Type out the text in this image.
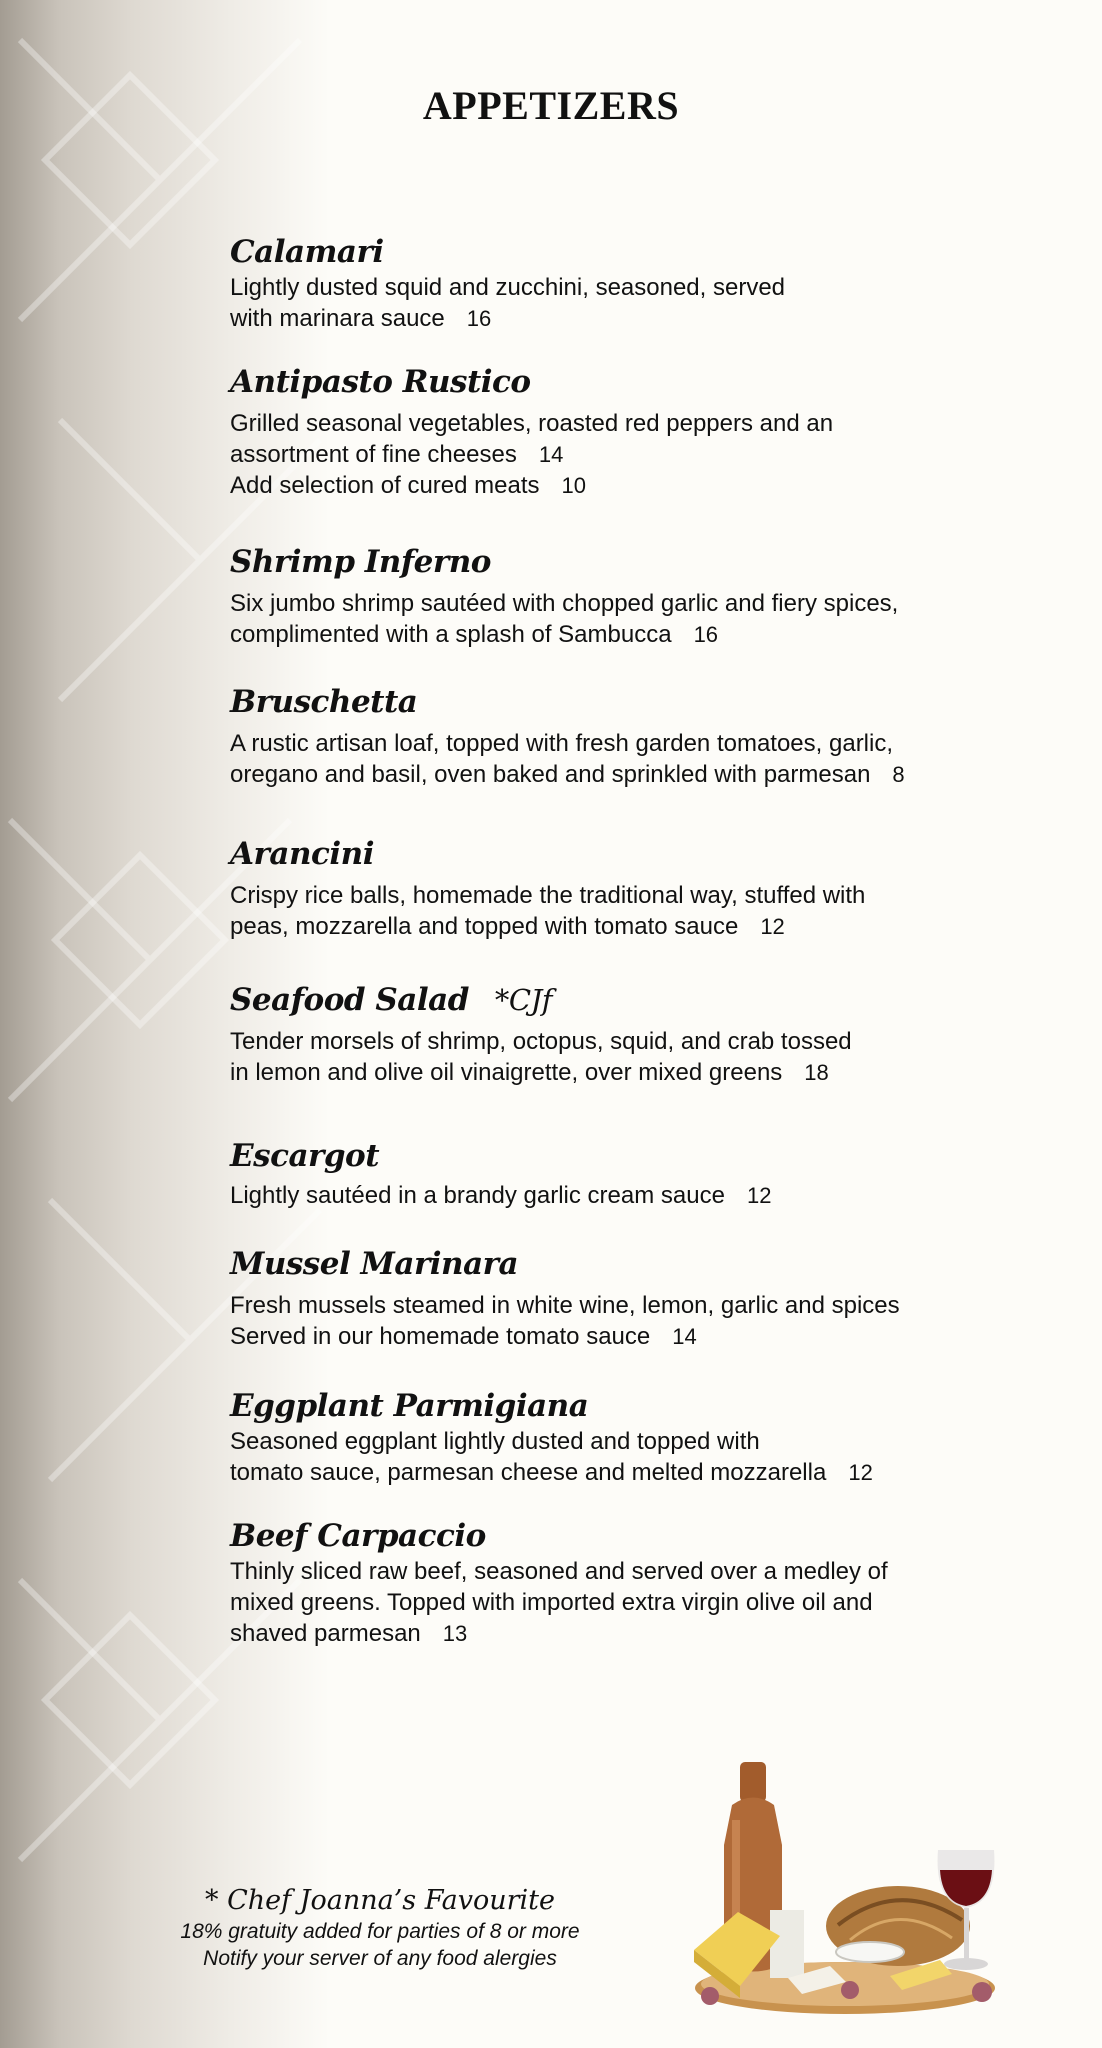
APPETIZERS
Calamari
Lightly dusted squid and zucchini, seasoned, served
with marinara sauce 16
Antipasto Rustico
Grilled seasonal vegetables, roasted red peppers and an
assortment of fine cheeses 14
Add selection of cured meats 10
Shrimp Inferno
Six jumbo shrimp sautéed with chopped garlic and fiery spices,
complimented with a splash of Sambucca 16
Bruschetta
A rustic artisan loaf, topped with fresh garden tomatoes, garlic,
oregano and basil, oven baked and sprinkled with parmesan 8
Arancini
Crispy rice balls, homemade the traditional way, stuffed with
peas, mozzarella and topped with tomato sauce 12
Seafood Salad *CJf
Tender morsels of shrimp, octopus, squid, and crab tossed
in lemon and olive oil vinaigrette, over mixed greens 18
Escargot
Lightly sautéed in a brandy garlic cream sauce 12
Mussel Marinara
Fresh mussels steamed in white wine, lemon, garlic and spices
Served in our homemade tomato sauce 14
Eggplant Parmigiana
Seasoned eggplant lightly dusted and topped with
tomato sauce, parmesan cheese and melted mozzarella 12
Beef Carpaccio
Thinly sliced raw beef, seasoned and served over a medley of
mixed greens. Topped with imported extra virgin olive oil and
shaved parmesan 13
* Chef Joanna’s Favourite
18% gratuity added for parties of 8 or more
Notify your server of any food alergies
